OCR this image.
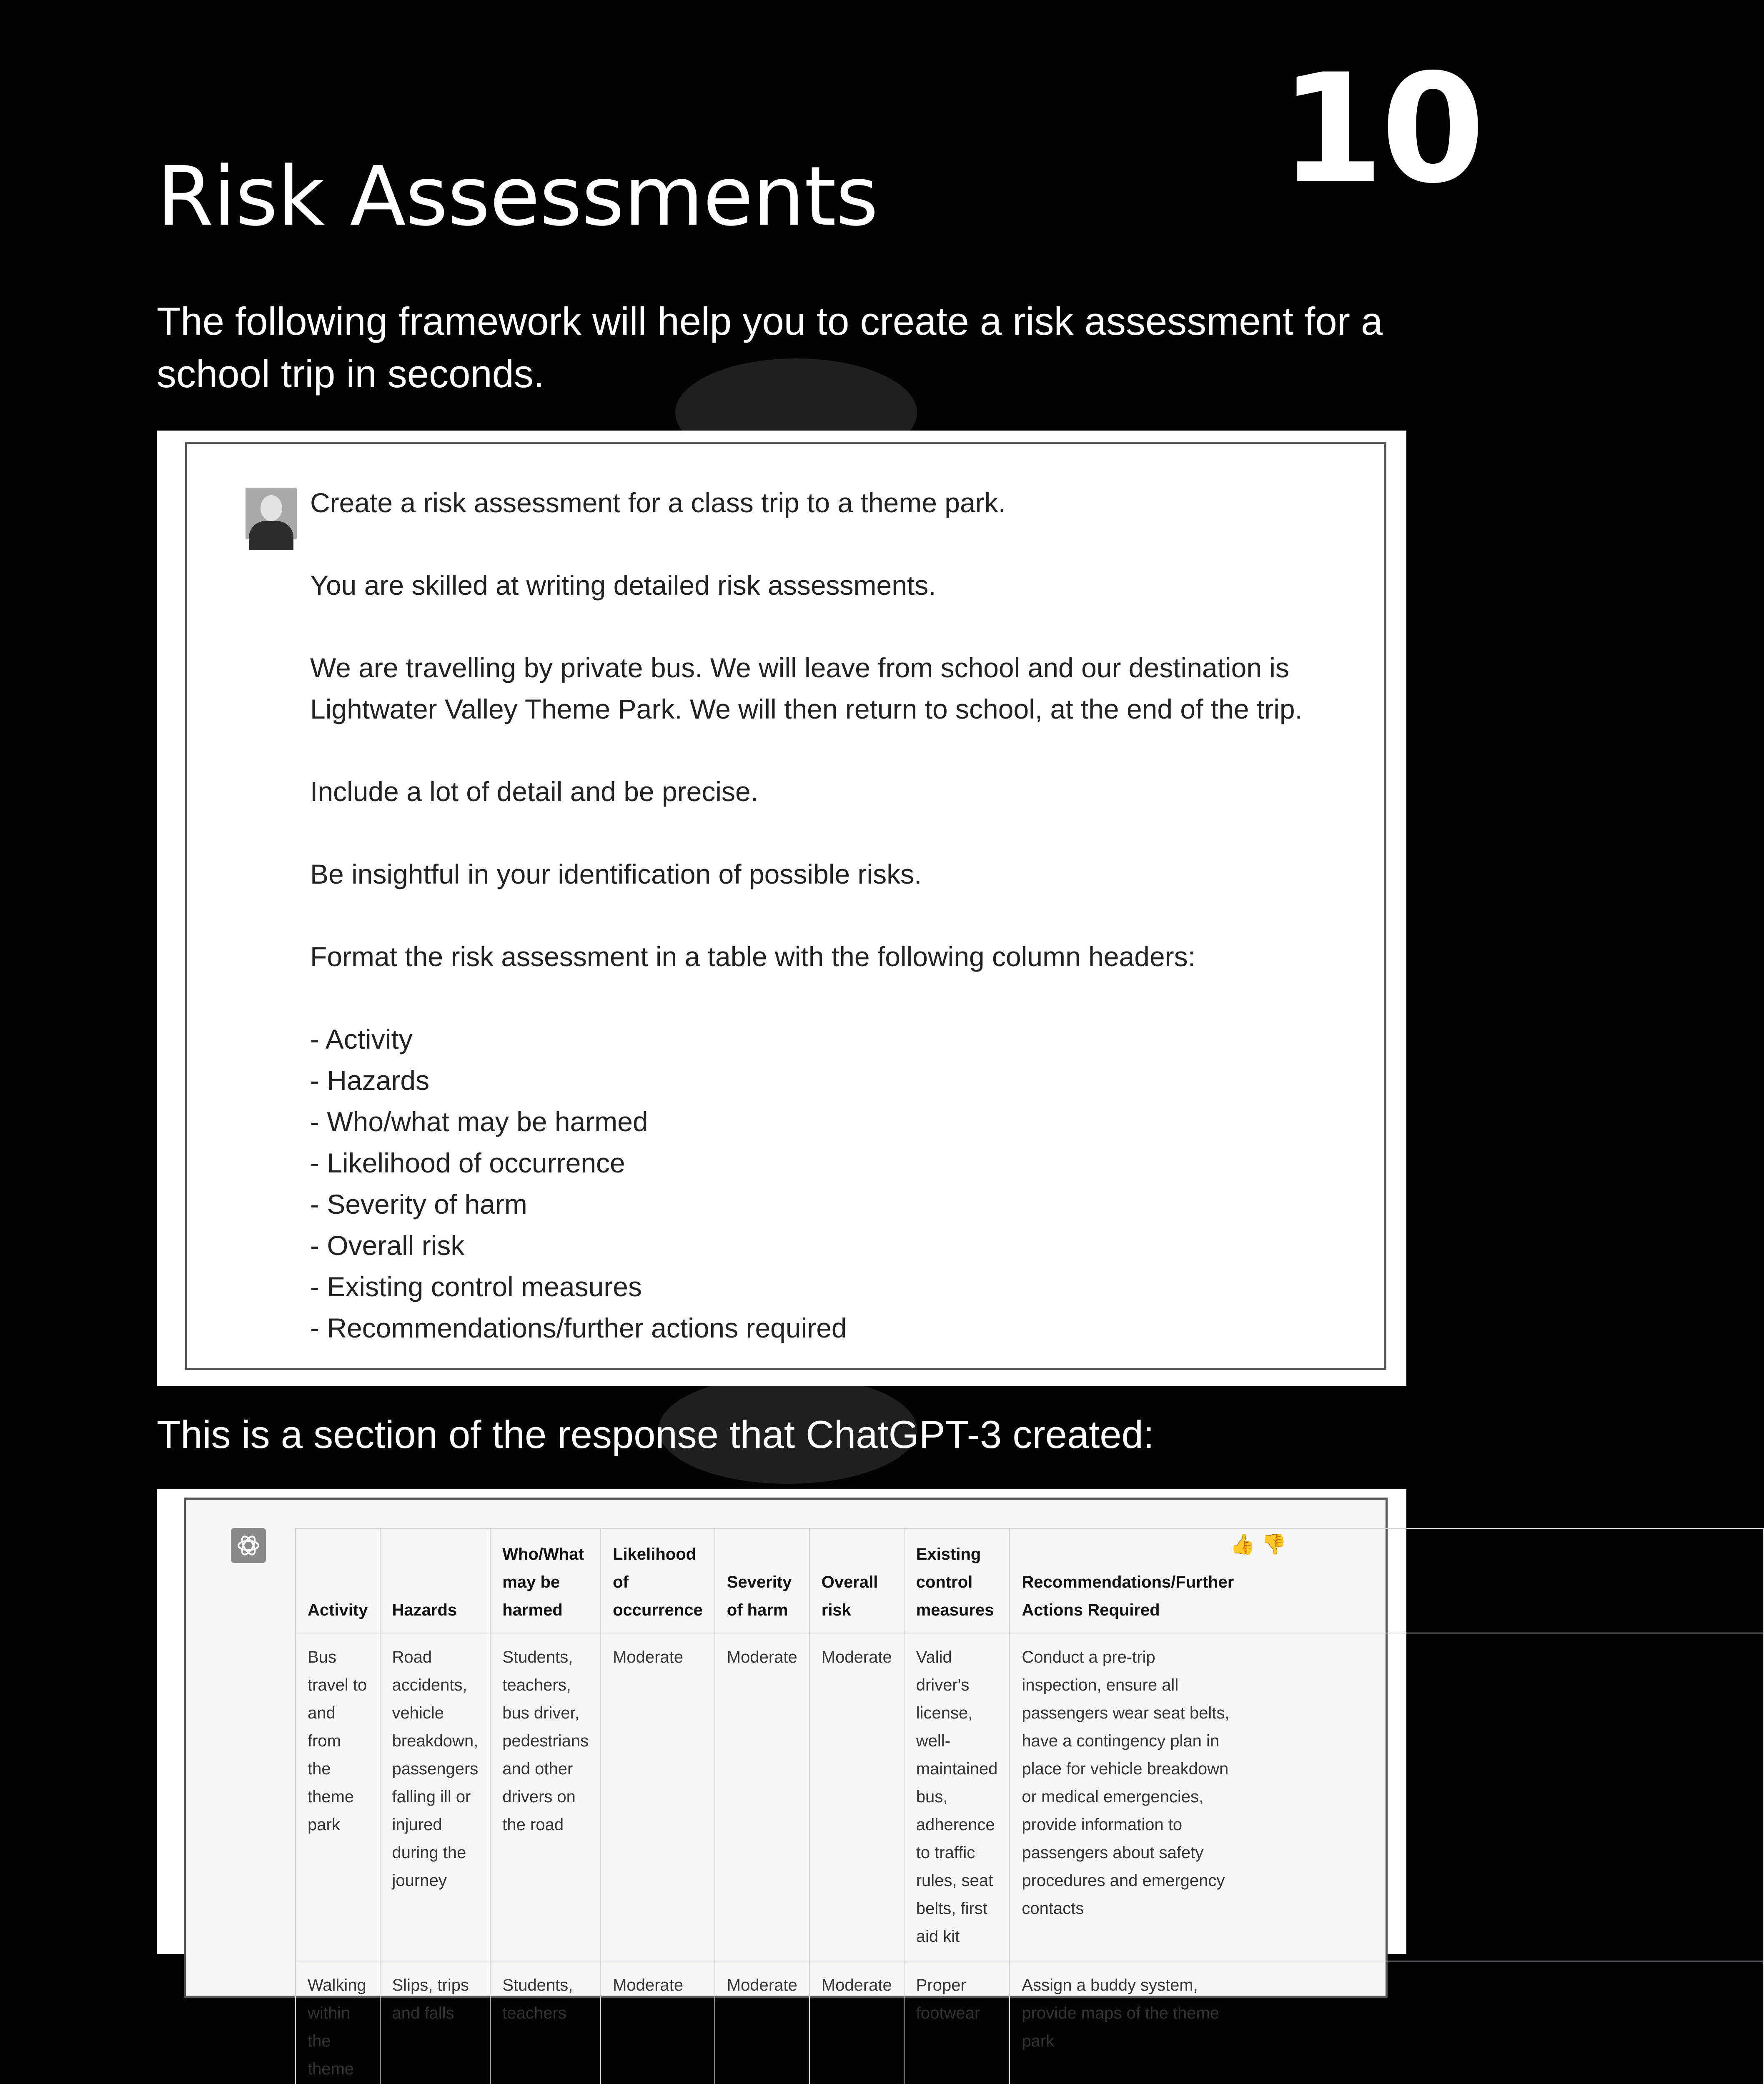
10
Risk Assessments

The following framework will help you to create a risk assessment for a school trip in seconds.

Create a risk assessment for a class trip to a theme park.

You are skilled at writing detailed risk assessments.

We are travelling by private bus. We will leave from school and our destination is Lightwater Valley Theme Park. We will then return to school, at the end of the trip.

Include a lot of detail and be precise.

Be insightful in your identification of possible risks.

Format the risk assessment in a table with the following column headers:

- Activity
- Hazards
- Who/what may be harmed
- Likelihood of occurrence
- Severity of harm
- Overall risk
- Existing control measures
- Recommendations/further actions required

This is a section of the response that ChatGPT-3 created:

👍 👎
Activity	Hazards	Who/What may be harmed	Likelihood of occurrence	Severity of harm	Overall risk	Existing control measures	Recommendations/Further Actions Required
Bus travel to and from the theme park	Road accidents, vehicle breakdown, passengers falling ill or injured during the journey	Students, teachers, bus driver, pedestrians and other drivers on the road	Moderate	Moderate	Moderate	Valid driver's license, well-maintained bus, adherence to traffic rules, seat belts, first aid kit	Conduct a pre-trip inspection, ensure all passengers wear seat belts, have a contingency plan in place for vehicle breakdown or medical emergencies, provide information to passengers about safety procedures and emergency contacts
Walking within the theme	Slips, trips and falls	Students, teachers	Moderate	Moderate	Moderate	Proper footwear	Assign a buddy system, provide maps of the theme park
